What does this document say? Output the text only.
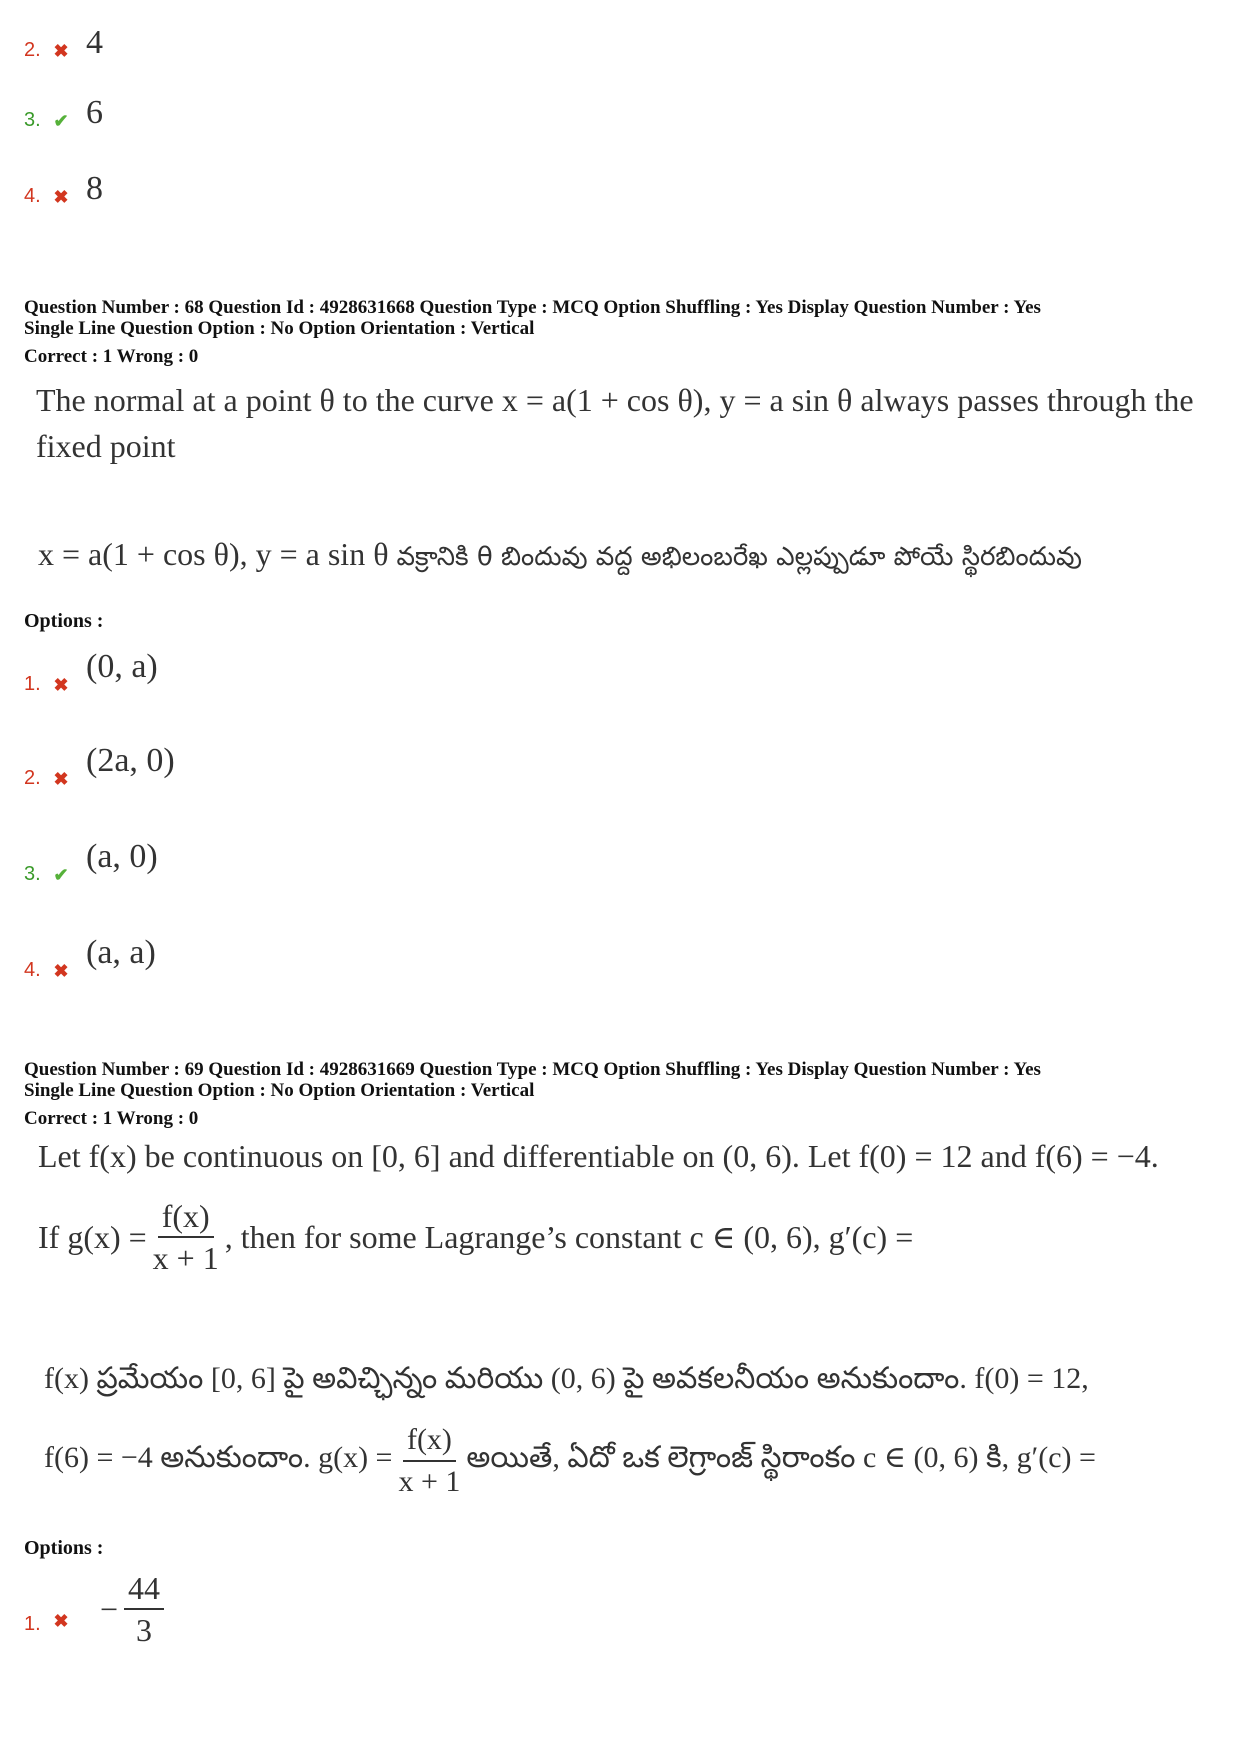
2. ✖ 4
3. ✔ 6
4. ✖ 8
Question Number : 68 Question Id : 4928631668 Question Type : MCQ Option Shuffling : Yes Display Question Number : Yes
Single Line Question Option : No Option Orientation : Vertical
Correct : 1 Wrong : 0
The normal at a point θ to the curve x = a(1 + cos θ), y = a sin θ always passes through the
fixed point
x = a(1 + cos θ), y = a sin θ వక్రానికి θ బిందువు వద్ద అభిలంబరేఖ ఎల్లప్పుడూ పోయే స్థిరబిందువు
Options :
1. ✖ (0, a)
2. ✖ (2a, 0)
3. ✔ (a, 0)
4. ✖ (a, a)
Question Number : 69 Question Id : 4928631669 Question Type : MCQ Option Shuffling : Yes Display Question Number : Yes
Single Line Question Option : No Option Orientation : Vertical
Correct : 1 Wrong : 0
Let f(x) be continuous on [0, 6] and differentiable on (0, 6). Let f(0) = 12 and f(6) = −4.
If $g(x) = \frac{f(x)}{x + 1}$ , then for some Lagrange’s constant c ∈ (0, 6), g′(c) =
f(x) ప్రమేయం [0, 6] పై అవిచ్ఛిన్నం మరియు (0, 6) పై అవకలనీయం అనుకుందాం. f(0) = 12,
f(6) = −4 అనుకుందాం. $g(x) = \frac{f(x)}{x + 1}$ అయితే, ఏదో ఒక లెగ్రాంజ్ స్థిరాంకం c ∈ (0, 6) కి, g′(c) =
Options :
1. ✖ − $\frac{44}{3}$
